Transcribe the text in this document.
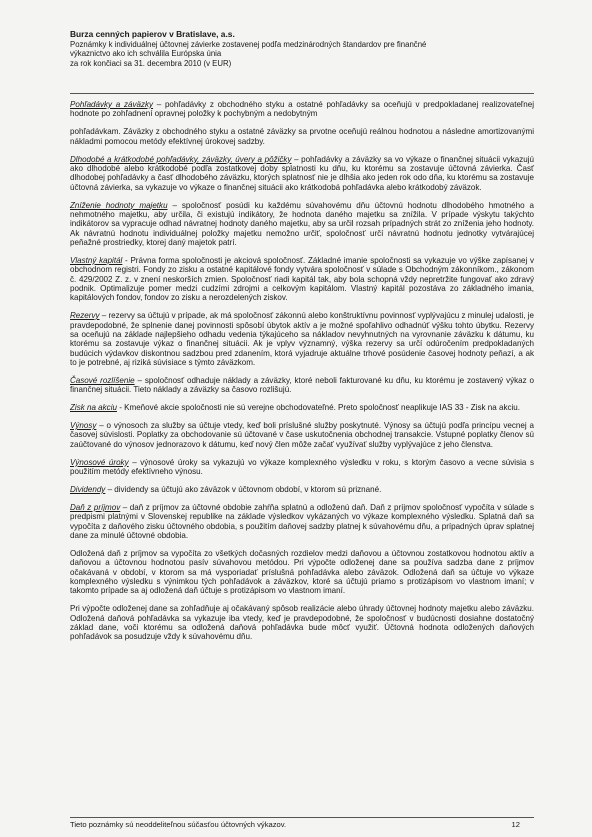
Burza cenných papierov v Bratislave, a.s.
Poznámky k individuálnej účtovnej závierke zostavenej podľa medzinárodných štandardov pre finančné
výkaznictvo ako ich schválila Európska únia
za rok končiaci sa 31. decembra 2010 (v EUR)

Pohľadávky a záväzky – pohľadávky z obchodného styku a ostatné pohľadávky sa oceňujú v predpokladanej realizovateľnej hodnote po zohľadnení opravnej položky k pochybným a nedobytným

pohľadávkam. Záväzky z obchodného styku a ostatné záväzky sa prvotne oceňujú reálnou hodnotou a následne amortizovanými nákladmi pomocou metódy efektívnej úrokovej sadzby.

Dlhodobé a krátkodobé pohľadávky, záväzky, úvery a pôžičky – pohľadávky a záväzky sa vo výkaze o finančnej situácii vykazujú ako dlhodobé alebo krátkodobé podľa zostatkovej doby splatnosti ku dňu, ku ktorému sa zostavuje účtovná závierka. Časť dlhodobej pohľadávky a časť dlhodobého záväzku, ktorých splatnosť nie je dlhšia ako jeden rok odo dňa, ku ktorému sa zostavuje účtovná závierka, sa vykazuje vo výkaze o finančnej situácii ako krátkodobá pohľadávka alebo krátkodobý záväzok.

Zníženie hodnoty majetku – spoločnosť posúdi ku každému súvahovému dňu účtovnú hodnotu dlhodobého hmotného a nehmotného majetku, aby určila, či existujú indikátory, že hodnota daného majetku sa znížila. V prípade výskytu takýchto indikátorov sa vypracuje odhad návratnej hodnoty daného majetku, aby sa určil rozsah prípadných strát zo zníženia jeho hodnoty. Ak návratnú hodnotu individuálnej položky majetku nemožno určiť, spoločnosť určí návratnú hodnotu jednotky vytvárajúcej peňažné prostriedky, ktorej daný majetok patrí.

Vlastný kapitál - Právna forma spoločnosti je akciová spoločnosť. Základné imanie spoločnosti sa vykazuje vo výške zapísanej v obchodnom registri. Fondy zo zisku a ostatné kapitálové fondy vytvára spoločnosť v súlade s Obchodným zákonníkom., zákonom č. 429/2002 Z. z. v znení neskorších zmien. Spoločnosť riadi kapitál tak, aby bola schopná vždy nepretržite fungovať ako zdravý podnik. Optimalizuje pomer medzi cudzími zdrojmi a celkovým kapitálom. Vlastný kapitál pozostáva zo základného imania, kapitálových fondov, fondov zo zisku a nerozdelených ziskov.

Rezervy – rezervy sa účtujú v prípade, ak má spoločnosť zákonnú alebo konštruktívnu povinnosť vyplývajúcu z minulej udalosti, je pravdepodobné, že splnenie danej povinnosti spôsobí úbytok aktív a je možné spoľahlivo odhadnúť výšku tohto úbytku. Rezervy sa oceňujú na základe najlepšieho odhadu vedenia týkajúceho sa nákladov nevyhnutných na vyrovnanie záväzku k dátumu, ku ktorému sa zostavuje výkaz o finančnej situácii. Ak je vplyv významný, výška rezervy sa určí odúročením predpokladaných budúcich výdavkov diskontnou sadzbou pred zdanením, ktorá vyjadruje aktuálne trhové posúdenie časovej hodnoty peňazí, a ak to je potrebné, aj riziká súvisiace s týmto záväzkom.

Časové rozlíšenie – spoločnosť odhaduje náklady a záväzky, ktoré neboli fakturované ku dňu, ku ktorému je zostavený výkaz o finančnej situácii. Tieto náklady a záväzky sa časovo rozlišujú.

Zisk na akciu - Kmeňové akcie spoločnosti nie sú verejne obchodovateľné. Preto spoločnosť neaplikuje IAS 33 - Zisk na akciu.

Výnosy – o výnosoch za služby sa účtuje vtedy, keď boli príslušné služby poskytnuté. Výnosy sa účtujú podľa princípu vecnej a časovej súvislosti. Poplatky za obchodovanie sú účtované v čase uskutočnenia obchodnej transakcie. Vstupné poplatky členov sú zaúčtované do výnosov jednorazovo k dátumu, keď nový člen môže začať využívať služby vyplývajúce z jeho členstva.

Výnosové úroky – výnosové úroky sa vykazujú vo výkaze komplexného výsledku v roku, s ktorým časovo a vecne súvisia s použitím metódy efektívneho výnosu.

Dividendy – dividendy sa účtujú ako záväzok v účtovnom období, v ktorom sú priznané.

Daň z príjmov – daň z príjmov za účtovné obdobie zahŕňa splatnú a odloženú daň. Daň z príjmov spoločnosť vypočíta v súlade s predpismi platnými v Slovenskej republike na základe výsledkov vykázaných vo výkaze komplexného výsledku. Splatná daň sa vypočíta z daňového zisku účtovného obdobia, s použitím daňovej sadzby platnej k súvahovému dňu, a prípadných úprav splatnej dane za minulé účtovné obdobia.

Odložená daň z príjmov sa vypočíta zo všetkých dočasných rozdielov medzi daňovou a účtovnou zostatkovou hodnotou aktív a daňovou a účtovnou hodnotou pasív súvahovou metódou. Pri výpočte odloženej dane sa používa sadzba dane z príjmov očakávaná v období, v ktorom sa má vysporiadať príslušná pohľadávka alebo záväzok. Odložená daň sa účtuje vo výkaze komplexného výsledku s výnimkou tých pohľadávok a záväzkov, ktoré sa účtujú priamo s protizápisom vo vlastnom imaní; v takomto prípade sa aj odložená daň účtuje s protizápisom vo vlastnom imaní.

Pri výpočte odloženej dane sa zohľadňuje aj očakávaný spôsob realizácie alebo úhrady účtovnej hodnoty majetku alebo záväzku. Odložená daňová pohľadávka sa vykazuje iba vtedy, keď je pravdepodobné, že spoločnosť v budúcnosti dosiahne dostatočný základ dane, voči ktorému sa odložená daňová pohľadávka bude môcť využiť. Účtovná hodnota odložených daňových pohľadávok sa posudzuje vždy k súvahovému dňu.

Tieto poznámky sú neoddeliteľnou súčasťou účtovných výkazov.	12
